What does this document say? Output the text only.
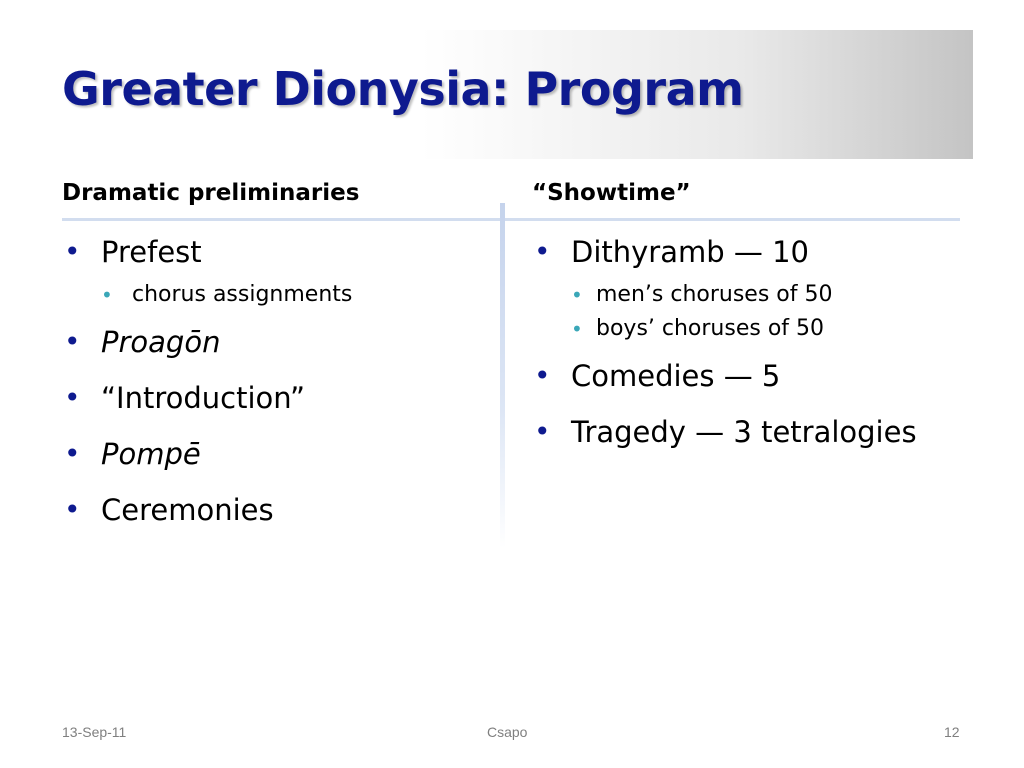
Greater Dionysia: Program
Dramatic preliminaries	“Showtime”
• Prefest
• chorus assignments
• Proagōn
• “Introduction”
• Pompē
• Ceremonies
• Dithyramb — 10
• men’s choruses of 50
• boys’ choruses of 50
• Comedies — 5
• Tragedy — 3 tetralogies
13-Sep-11	Csapo	12
